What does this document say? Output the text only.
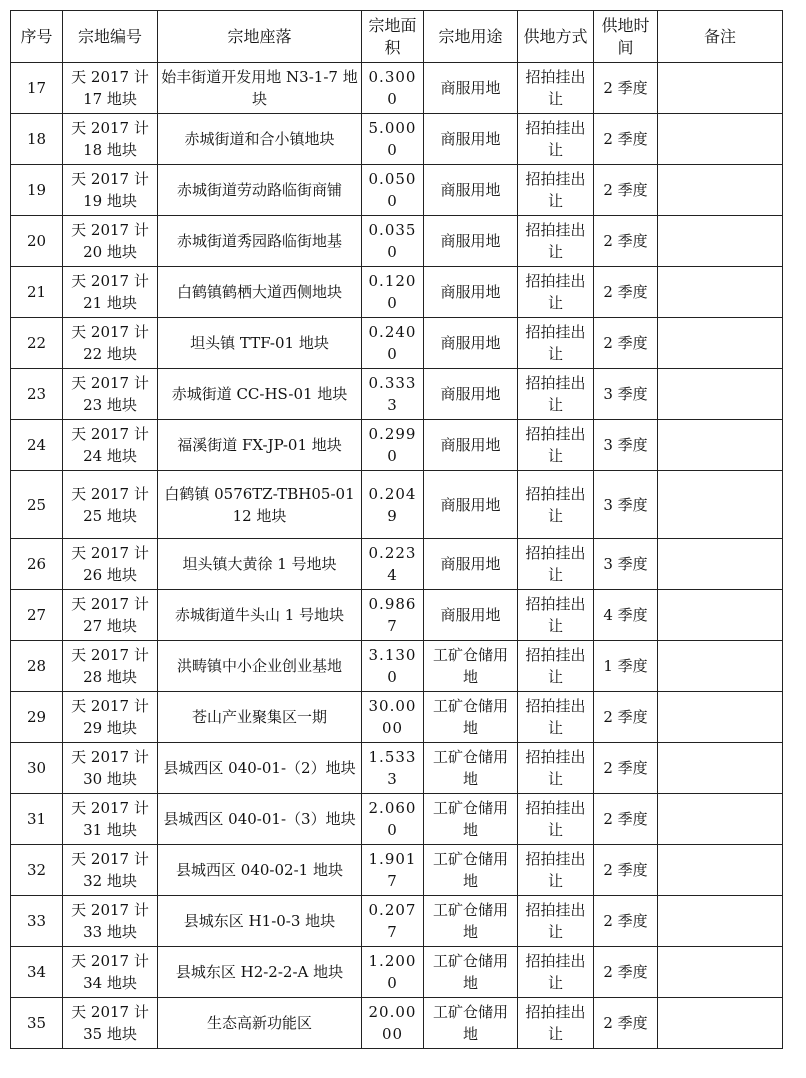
序号	宗地编号	宗地座落	宗地面积	宗地用途	供地方式	供地时间	备注
17	天 2017 计 17 地块	始丰街道开发用地 N3-1-7 地块	0.3000	商服用地	招拍挂出让	2 季度	
18	天 2017 计 18 地块	赤城街道和合小镇地块	5.0000	商服用地	招拍挂出让	2 季度	
19	天 2017 计 19 地块	赤城街道劳动路临街商铺	0.0500	商服用地	招拍挂出让	2 季度	
20	天 2017 计 20 地块	赤城街道秀园路临街地基	0.0350	商服用地	招拍挂出让	2 季度	
21	天 2017 计 21 地块	白鹤镇鹤栖大道西侧地块	0.1200	商服用地	招拍挂出让	2 季度	
22	天 2017 计 22 地块	坦头镇 TTF-01 地块	0.2400	商服用地	招拍挂出让	2 季度	
23	天 2017 计 23 地块	赤城街道 CC-HS-01 地块	0.3333	商服用地	招拍挂出让	3 季度	
24	天 2017 计 24 地块	福溪街道 FX-JP-01 地块	0.2990	商服用地	招拍挂出让	3 季度	
25	天 2017 计 25 地块	白鹤镇 0576TZ-TBH05-0112 地块	0.2049	商服用地	招拍挂出让	3 季度	
26	天 2017 计 26 地块	坦头镇大黄徐 1 号地块	0.2234	商服用地	招拍挂出让	3 季度	
27	天 2017 计 27 地块	赤城街道牛头山 1 号地块	0.9867	商服用地	招拍挂出让	4 季度	
28	天 2017 计 28 地块	洪畴镇中小企业创业基地	3.1300	工矿仓储用地	招拍挂出让	1 季度	
29	天 2017 计 29 地块	苍山产业聚集区一期	30.0000	工矿仓储用地	招拍挂出让	2 季度	
30	天 2017 计 30 地块	县城西区 040-01-（2）地块	1.5333	工矿仓储用地	招拍挂出让	2 季度	
31	天 2017 计 31 地块	县城西区 040-01-（3）地块	2.0600	工矿仓储用地	招拍挂出让	2 季度	
32	天 2017 计 32 地块	县城西区 040-02-1 地块	1.9017	工矿仓储用地	招拍挂出让	2 季度	
33	天 2017 计 33 地块	县城东区 H1-0-3 地块	0.2077	工矿仓储用地	招拍挂出让	2 季度	
34	天 2017 计 34 地块	县城东区 H2-2-2-A 地块	1.2000	工矿仓储用地	招拍挂出让	2 季度	
35	天 2017 计 35 地块	生态高新功能区	20.0000	工矿仓储用地	招拍挂出让	2 季度	
